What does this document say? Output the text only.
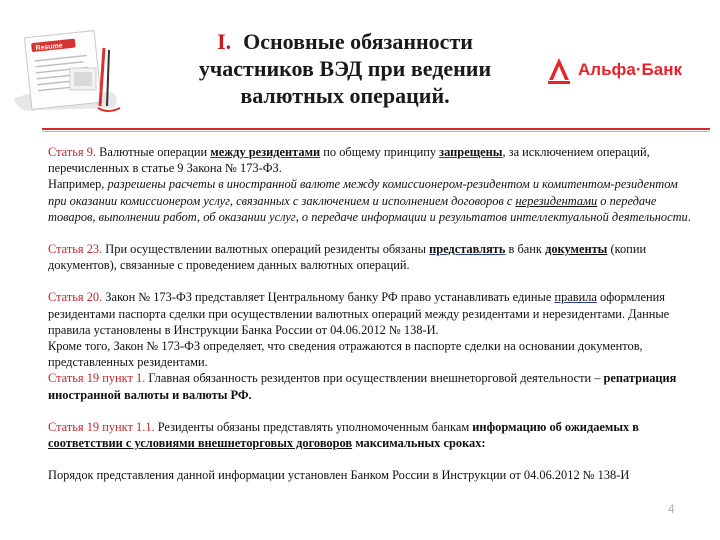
Resume	I. Основные обязанности
участников ВЭД при ведении
валютных операций.
Альфа·Банк

Статья 9. Валютные операции между резидентами по общему принципу запрещены, за исключением операций, перечисленных в статье 9 Закона № 173-ФЗ.

Например, разрешены расчеты в иностранной валюте между комиссионером-резидентом и комитентом-резидентом при оказании комиссионером услуг, связанных с заключением и исполнением договоров с нерезидентами о передаче товаров, выполнении работ, об оказании услуг, о передаче информации и результатов интеллектуальной деятельности.

Статья 23. При осуществлении валютных операций резиденты обязаны представлять в банк документы (копии документов), связанные с проведением данных валютных операций.

Статья 20. Закон № 173-ФЗ представляет Центральному банку РФ право устанавливать единые правила оформления резидентами паспорта сделки при осуществлении валютных операций между резидентами и нерезидентами. Данные правила установлены в Инструкции Банка России от 04.06.2012 № 138-И.

Кроме того, Закон № 173-ФЗ определяет, что сведения отражаются в паспорте сделки на основании документов, представленных резидентами.

Статья 19 пункт 1. Главная обязанность резидентов при осуществлении внешнеторговой деятельности – репатриация иностранной валюты и валюты РФ.

Статья 19 пункт 1.1. Резиденты обязаны представлять уполномоченным банкам информацию об ожидаемых в соответствии с условиями внешнеторговых договоров максимальных сроках:

Порядок представления данной информации установлен Банком России в Инструкции от 04.06.2012 № 138-И

4
